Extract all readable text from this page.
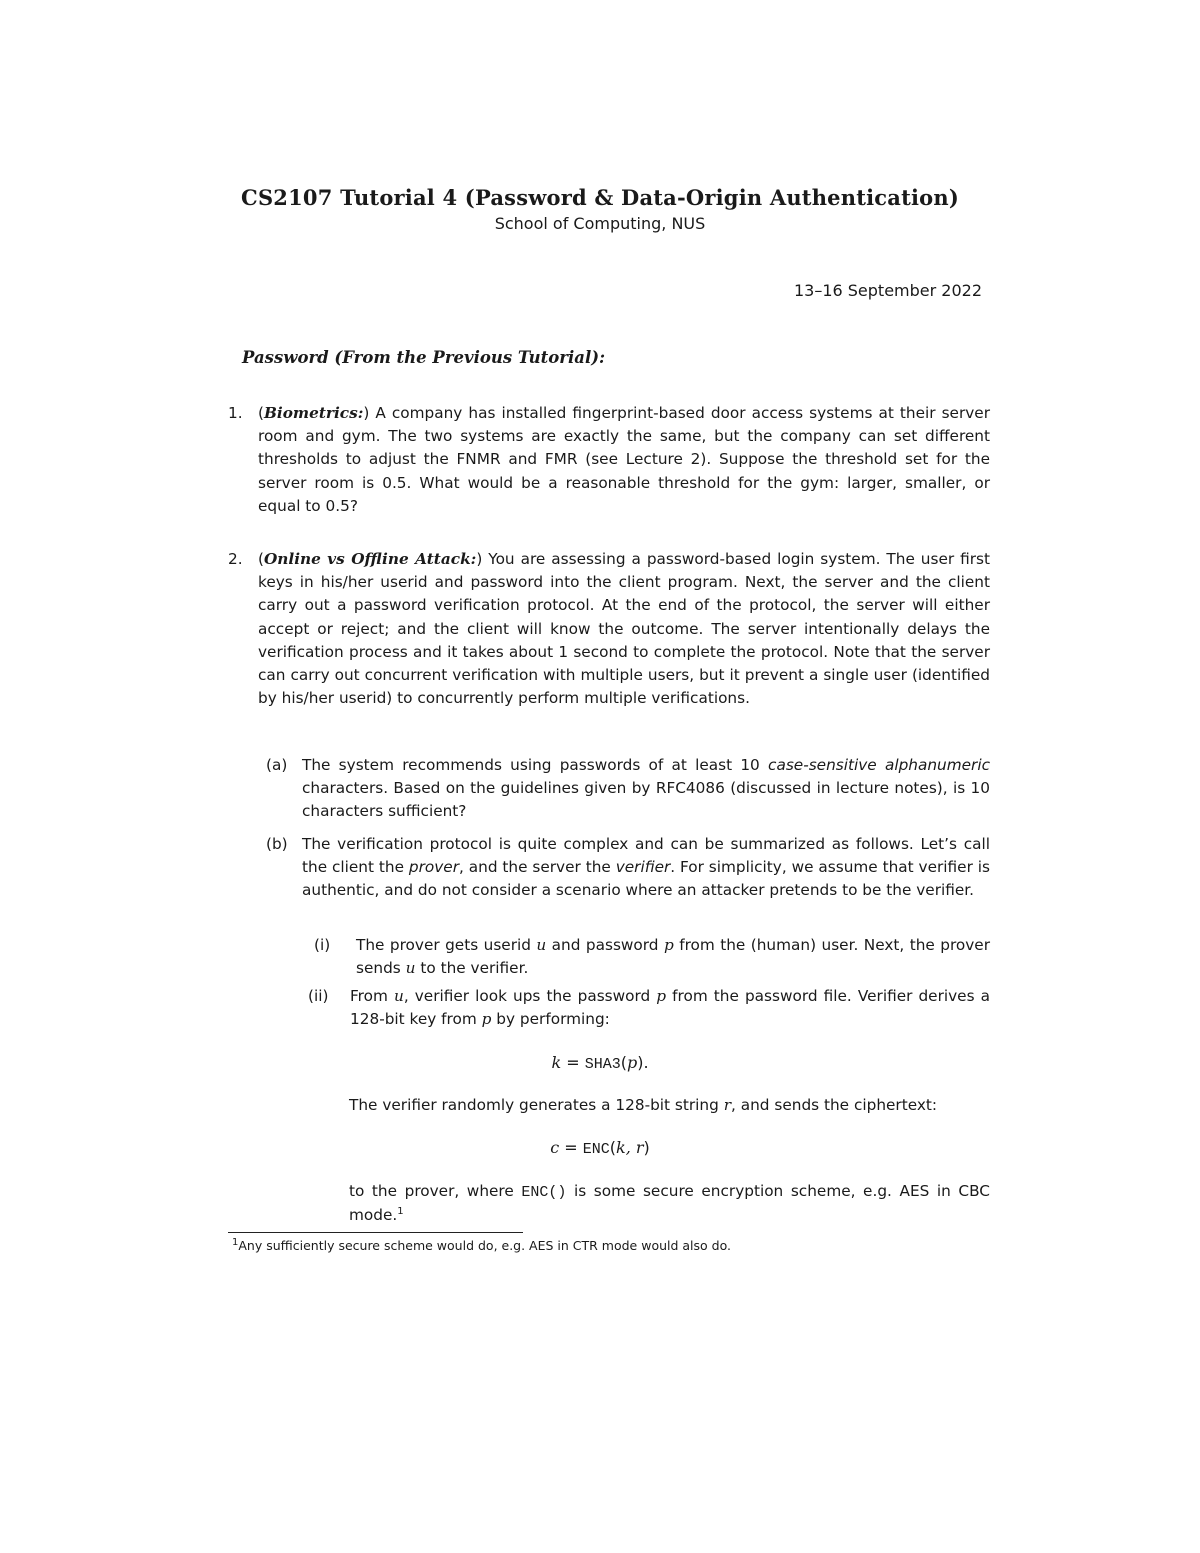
CS2107 Tutorial 4 (Password & Data-Origin Authentication)
School of Computing, NUS
13–16 September 2022
Password (From the Previous Tutorial):
1.	(Biometrics:) A company has installed fingerprint-based door access systems at their server room and gym. The two systems are exactly the same, but the company can set different thresholds to adjust the FNMR and FMR (see Lecture 2). Suppose the threshold set for the server room is 0.5. What would be a reasonable threshold for the gym: larger, smaller, or equal to 0.5?
2.	(Online vs Offline Attack:) You are assessing a password-based login system. The user first keys in his/her userid and password into the client program. Next, the server and the client carry out a password verification protocol. At the end of the protocol, the server will either accept or reject; and the client will know the outcome. The server intentionally delays the verification process and it takes about 1 second to complete the protocol. Note that the server can carry out concurrent verification with multiple users, but it prevent a single user (identified by his/her userid) to concurrently perform multiple verifications.
(a) The system recommends using passwords of at least 10 case-sensitive alphanumeric characters. Based on the guidelines given by RFC4086 (discussed in lecture notes), is 10 characters sufficient?
(b) The verification protocol is quite complex and can be summarized as follows. Let’s call the client the prover, and the server the verifier. For simplicity, we assume that verifier is authentic, and do not consider a scenario where an attacker pretends to be the verifier.
(i)	The prover gets userid u and password p from the (human) user. Next, the prover sends u to the verifier.
(ii)	From u, verifier look ups the password p from the password file. Verifier derives a 128-bit key from p by performing:
k = SHA3(p).
The verifier randomly generates a 128-bit string r, and sends the ciphertext:
c = ENC(k, r)
to the prover, where ENC() is some secure encryption scheme, e.g. AES in CBC mode.$^1$
$^1$Any sufficiently secure scheme would do, e.g. AES in CTR mode would also do.
